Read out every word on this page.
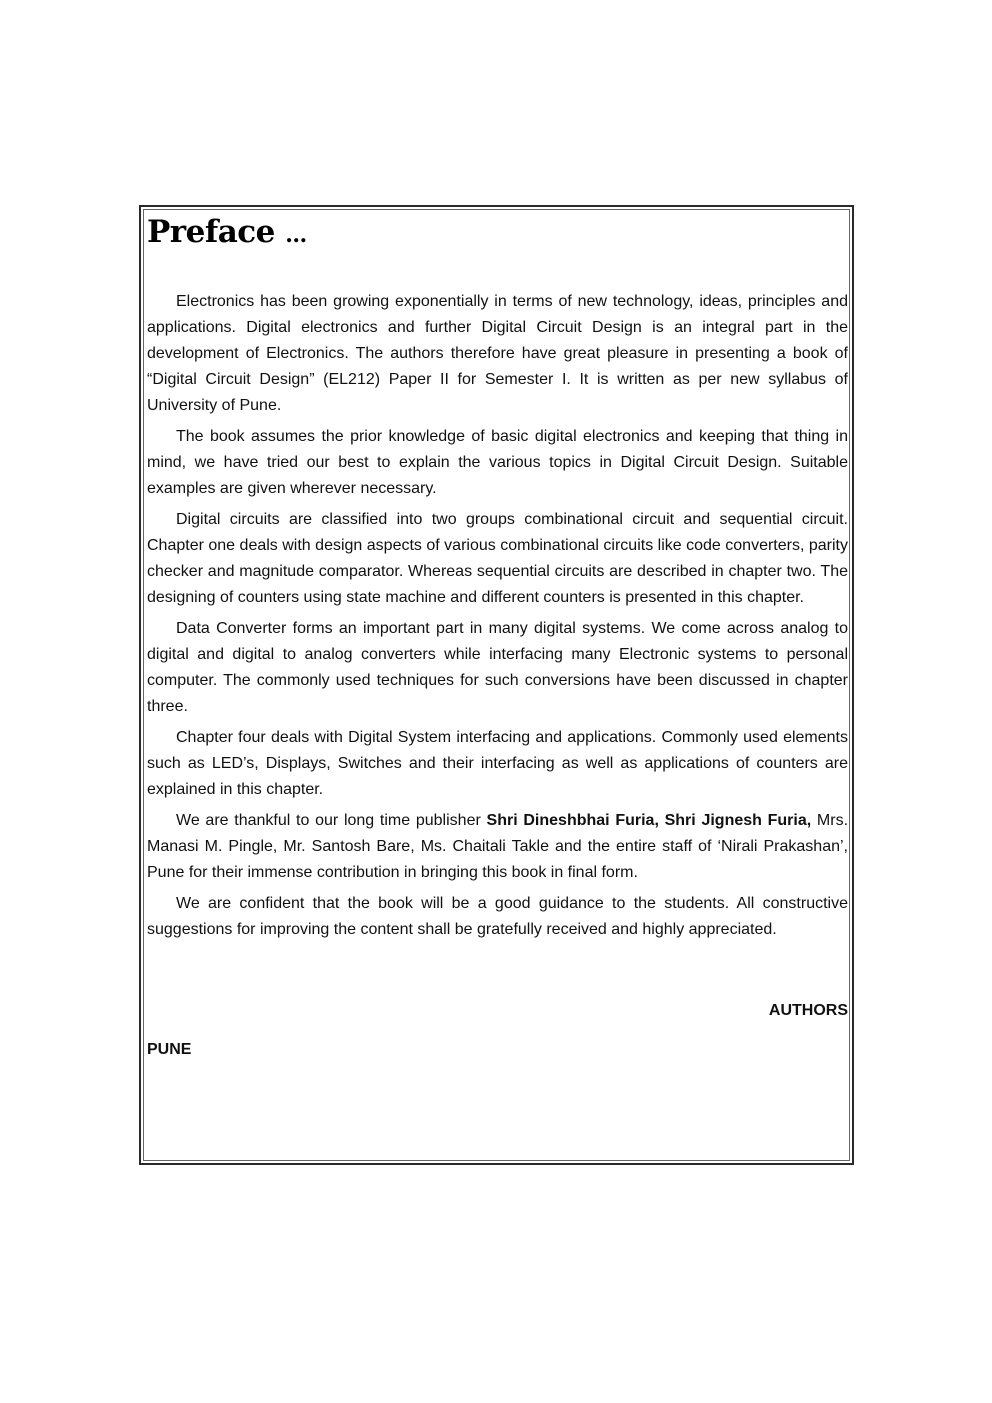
Preface ...

Electronics has been growing exponentially in terms of new technology, ideas, principles and applications. Digital electronics and further Digital Circuit Design is an integral part in the development of Electronics. The authors therefore have great pleasure in presenting a book of “Digital Circuit Design” (EL212) Paper II for Semester I. It is written as per new syllabus of University of Pune.

The book assumes the prior knowledge of basic digital electronics and keeping that thing in mind, we have tried our best to explain the various topics in Digital Circuit Design. Suitable examples are given wherever necessary.

Digital circuits are classified into two groups combinational circuit and sequential circuit. Chapter one deals with design aspects of various combinational circuits like code converters, parity checker and magnitude comparator. Whereas sequential circuits are described in chapter two. The designing of counters using state machine and different counters is presented in this chapter.

Data Converter forms an important part in many digital systems. We come across analog to digital and digital to analog converters while interfacing many Electronic systems to personal computer. The commonly used techniques for such conversions have been discussed in chapter three.

Chapter four deals with Digital System interfacing and applications. Commonly used elements such as LED’s, Displays, Switches and their interfacing as well as applications of counters are explained in this chapter.

We are thankful to our long time publisher Shri Dineshbhai Furia, Shri Jignesh Furia, Mrs. Manasi M. Pingle, Mr. Santosh Bare, Ms. Chaitali Takle and the entire staff of ‘Nirali Prakashan’, Pune for their immense contribution in bringing this book in final form.

We are confident that the book will be a good guidance to the students. All constructive suggestions for improving the content shall be gratefully received and highly appreciated.

AUTHORS
PUNE
